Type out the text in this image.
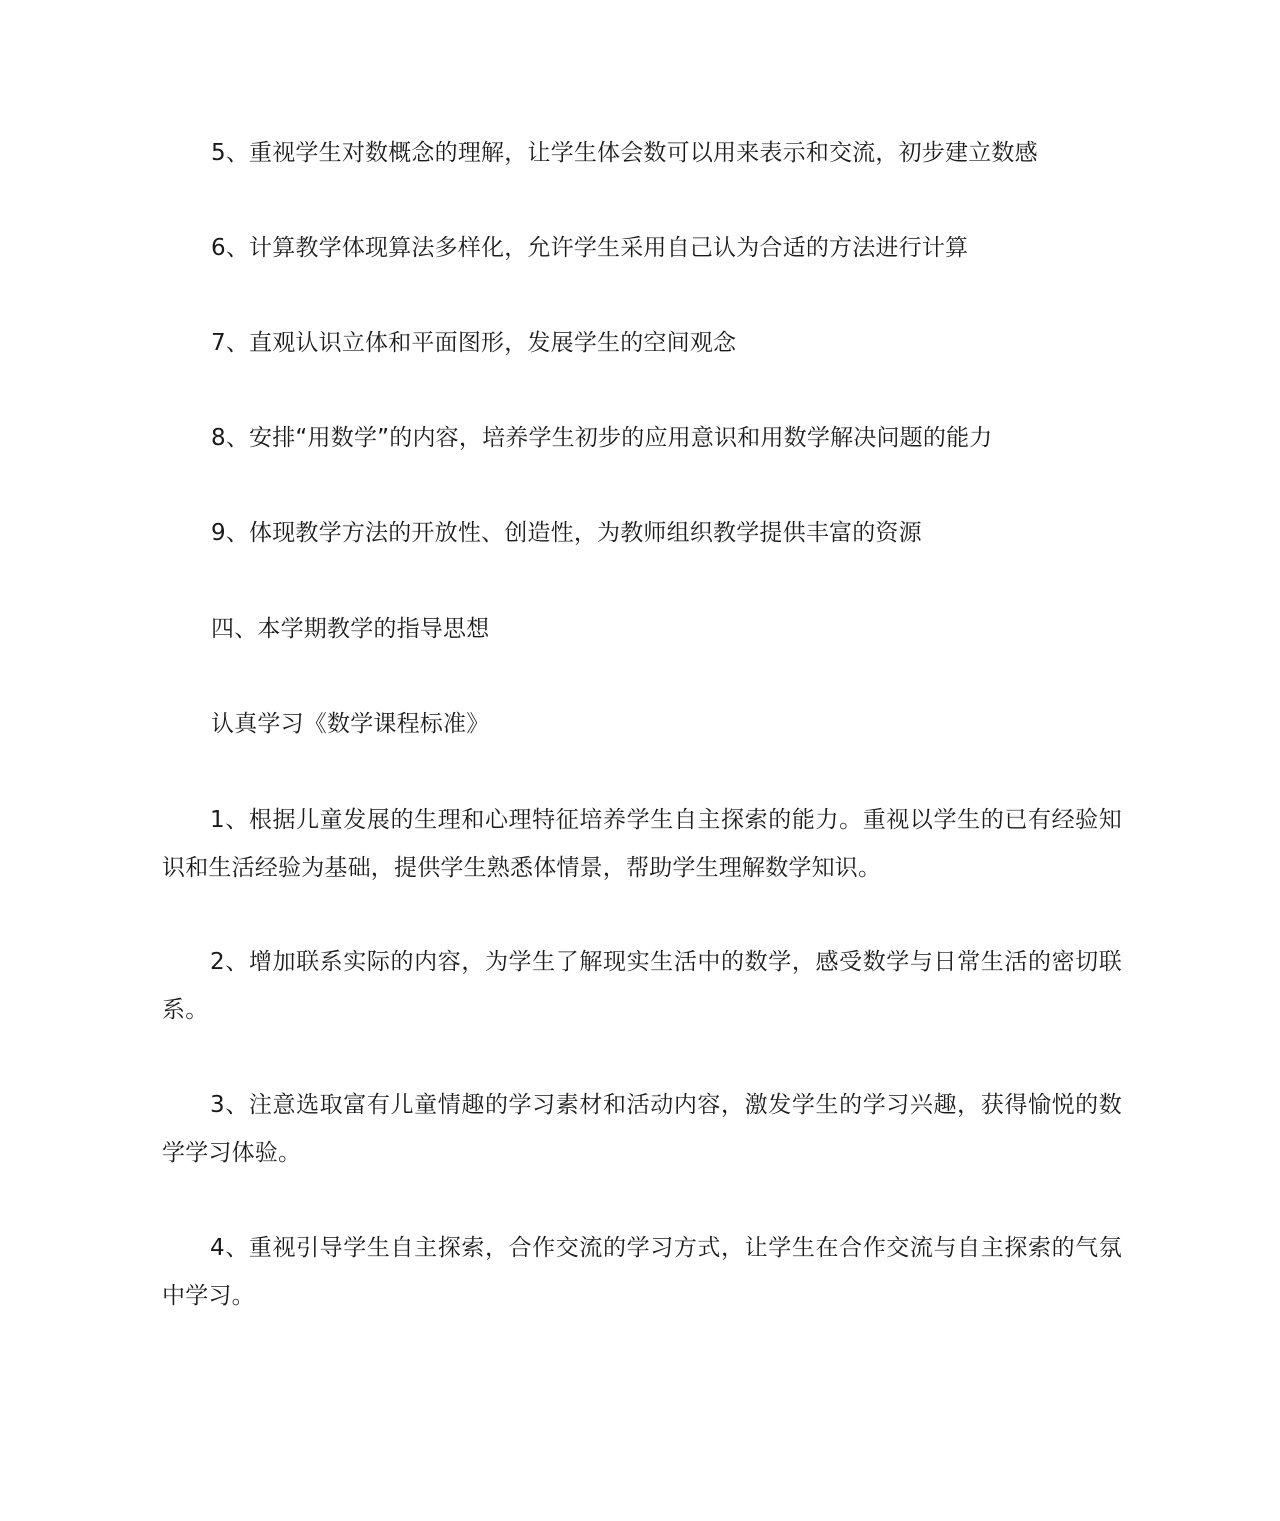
5、重视学生对数概念的理解，让学生体会数可以用来表示和交流，初步建立数感

6、计算教学体现算法多样化，允许学生采用自己认为合适的方法进行计算

7、直观认识立体和平面图形，发展学生的空间观念

8、安排“用数学”的内容，培养学生初步的应用意识和用数学解决问题的能力

9、体现教学方法的开放性、创造性，为教师组织教学提供丰富的资源

四、本学期教学的指导思想

认真学习《数学课程标准》

1、根据儿童发展的生理和心理特征培养学生自主探索的能力。重视以学生的已有经验知识和生活经验为基础，提供学生熟悉体情景，帮助学生理解数学知识。

2、增加联系实际的内容，为学生了解现实生活中的数学，感受数学与日常生活的密切联系。

3、注意选取富有儿童情趣的学习素材和活动内容，激发学生的学习兴趣，获得愉悦的数学学习体验。

4、重视引导学生自主探索，合作交流的学习方式，让学生在合作交流与自主探索的气氛中学习。
